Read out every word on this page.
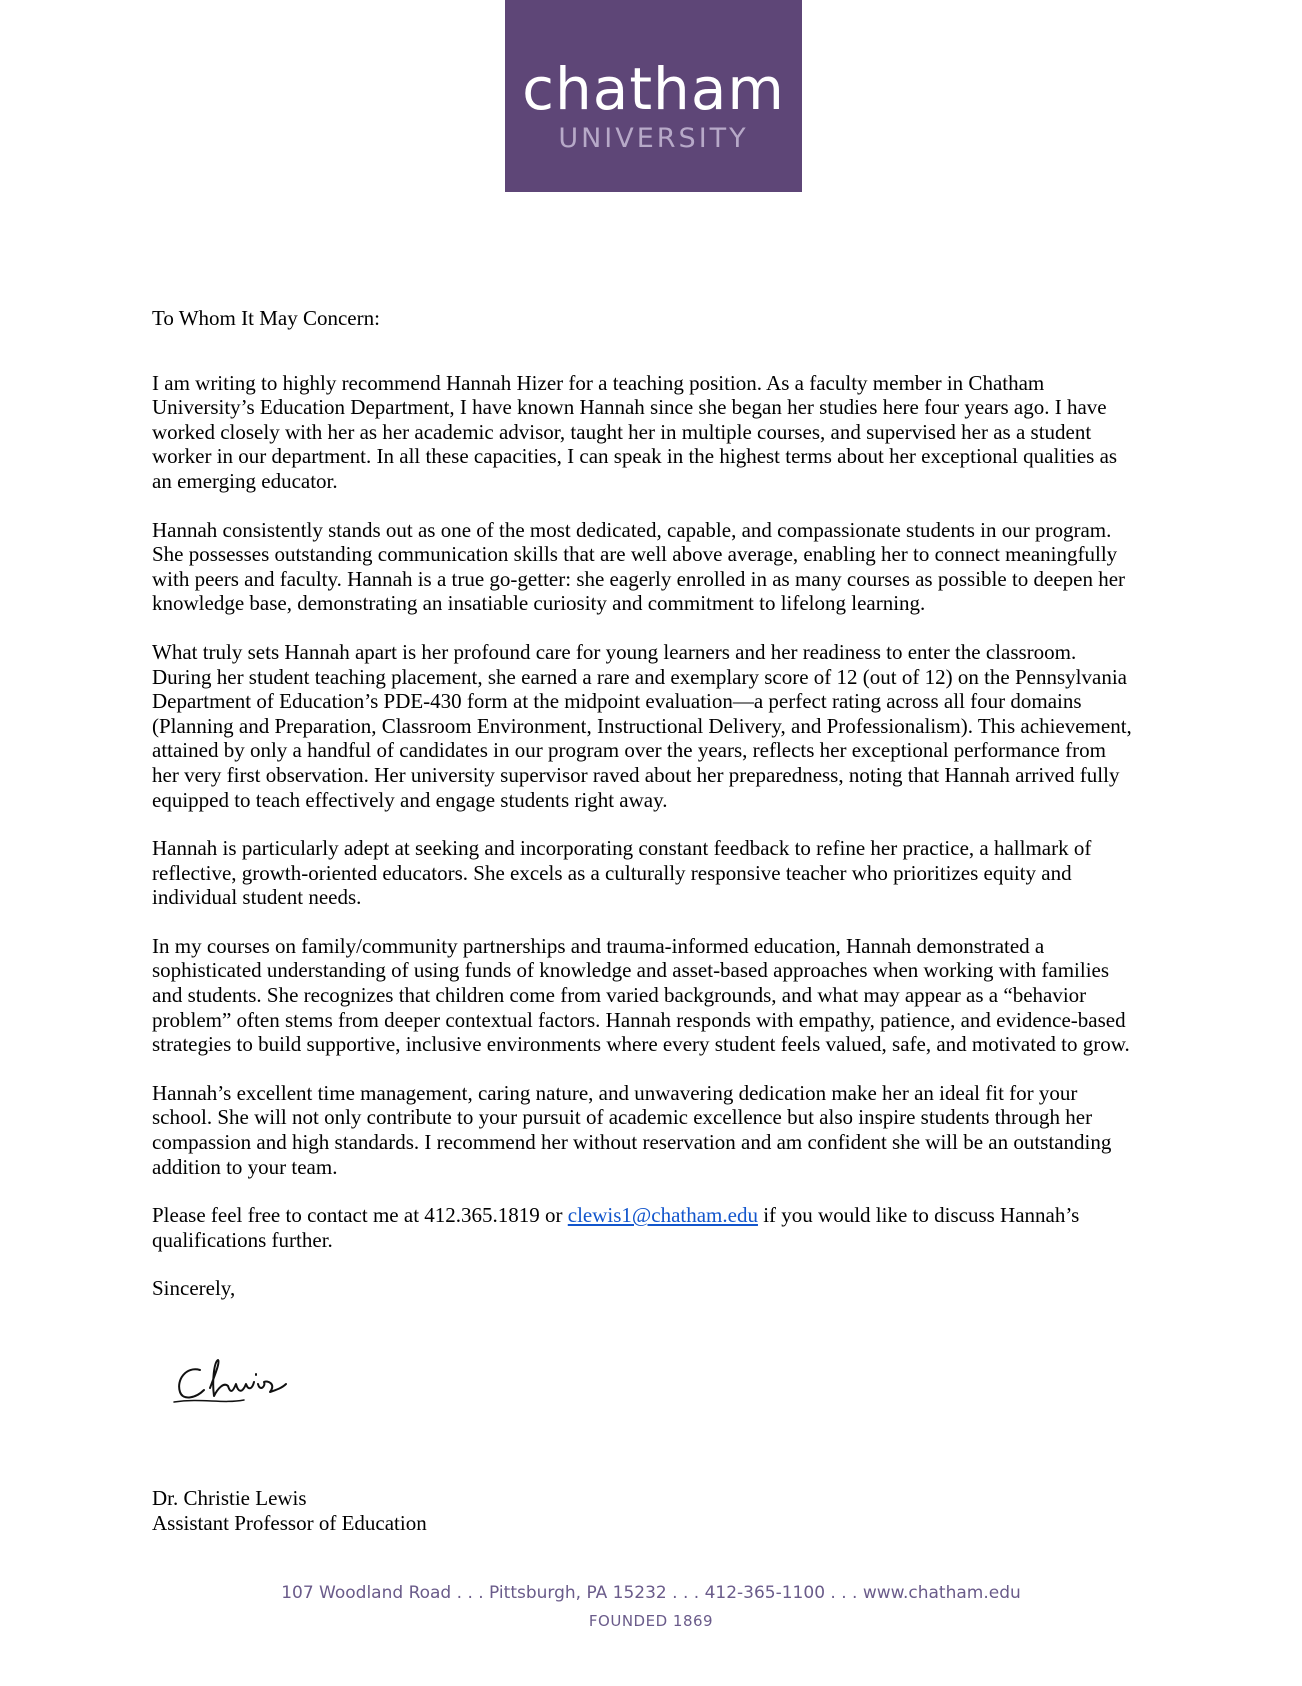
chatham
UNIVERSITY
To Whom It May Concern:

I am writing to highly recommend Hannah Hizer for a teaching position. As a faculty member in Chatham

University’s Education Department, I have known Hannah since she began her studies here four years ago. I have

worked closely with her as her academic advisor, taught her in multiple courses, and supervised her as a student

worker in our department. In all these capacities, I can speak in the highest terms about her exceptional qualities as

an emerging educator.

Hannah consistently stands out as one of the most dedicated, capable, and compassionate students in our program.

She possesses outstanding communication skills that are well above average, enabling her to connect meaningfully

with peers and faculty. Hannah is a true go-getter: she eagerly enrolled in as many courses as possible to deepen her

knowledge base, demonstrating an insatiable curiosity and commitment to lifelong learning.

What truly sets Hannah apart is her profound care for young learners and her readiness to enter the classroom.

During her student teaching placement, she earned a rare and exemplary score of 12 (out of 12) on the Pennsylvania

Department of Education’s PDE-430 form at the midpoint evaluation—a perfect rating across all four domains

(Planning and Preparation, Classroom Environment, Instructional Delivery, and Professionalism). This achievement,

attained by only a handful of candidates in our program over the years, reflects her exceptional performance from

her very first observation. Her university supervisor raved about her preparedness, noting that Hannah arrived fully

equipped to teach effectively and engage students right away.

Hannah is particularly adept at seeking and incorporating constant feedback to refine her practice, a hallmark of

reflective, growth-oriented educators. She excels as a culturally responsive teacher who prioritizes equity and

individual student needs.

In my courses on family/community partnerships and trauma-informed education, Hannah demonstrated a

sophisticated understanding of using funds of knowledge and asset-based approaches when working with families

and students. She recognizes that children come from varied backgrounds, and what may appear as a “behavior

problem” often stems from deeper contextual factors. Hannah responds with empathy, patience, and evidence-based

strategies to build supportive, inclusive environments where every student feels valued, safe, and motivated to grow.

Hannah’s excellent time management, caring nature, and unwavering dedication make her an ideal fit for your

school. She will not only contribute to your pursuit of academic excellence but also inspire students through her

compassion and high standards. I recommend her without reservation and am confident she will be an outstanding

addition to your team.

Please feel free to contact me at 412.365.1819 or clewis1@chatham.edu if you would like to discuss Hannah’s

qualifications further.

Sincerely,

Dr. Christie Lewis
Assistant Professor of Education
107 Woodland Road . . . Pittsburgh, PA 15232 . . . 412-365-1100 . . . www.chatham.edu
FOUNDED 1869
